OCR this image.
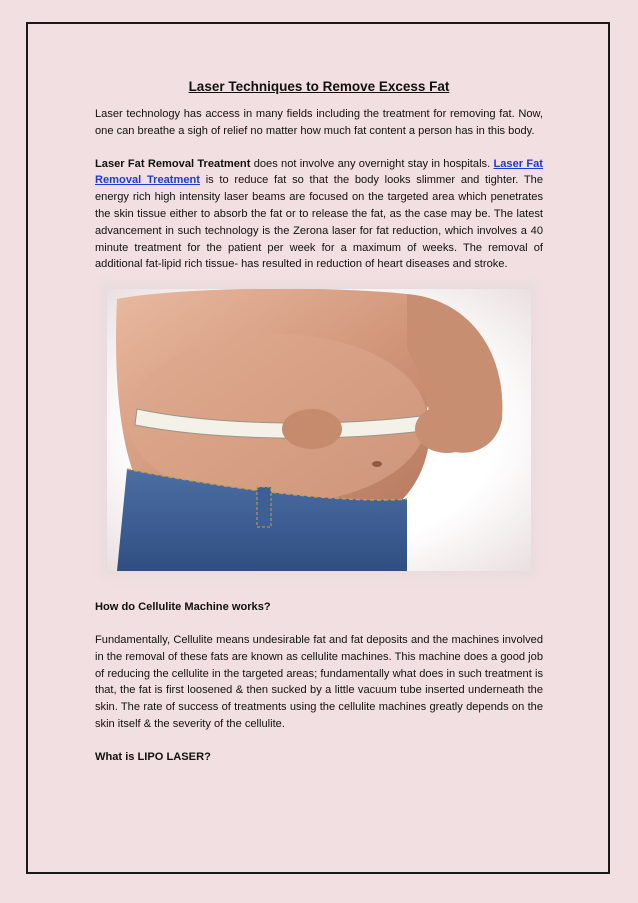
Laser Techniques to Remove Excess Fat

Laser technology has access in many fields including the treatment for removing fat. Now, one can breathe a sigh of relief no matter how much fat content a person has in this body.

Laser Fat Removal Treatment does not involve any overnight stay in hospitals. Laser Fat Removal Treatment is to reduce fat so that the body looks slimmer and tighter. The energy rich high intensity laser beams are focused on the targeted area which penetrates the skin tissue either to absorb the fat or to release the fat, as the case may be. The latest advancement in such technology is the Zerona laser for fat reduction, which involves a 40 minute treatment for the patient per week for a maximum of weeks. The removal of additional fat-lipid rich tissue- has resulted in reduction of heart diseases and stroke.

How do Cellulite Machine works?

Fundamentally, Cellulite means undesirable fat and fat deposits and the machines involved in the removal of these fats are known as cellulite machines. This machine does a good job of reducing the cellulite in the targeted areas; fundamentally what does in such treatment is that, the fat is first loosened & then sucked by a little vacuum tube inserted underneath the skin. The rate of success of treatments using the cellulite machines greatly depends on the skin itself & the severity of the cellulite.

What is LIPO LASER?
